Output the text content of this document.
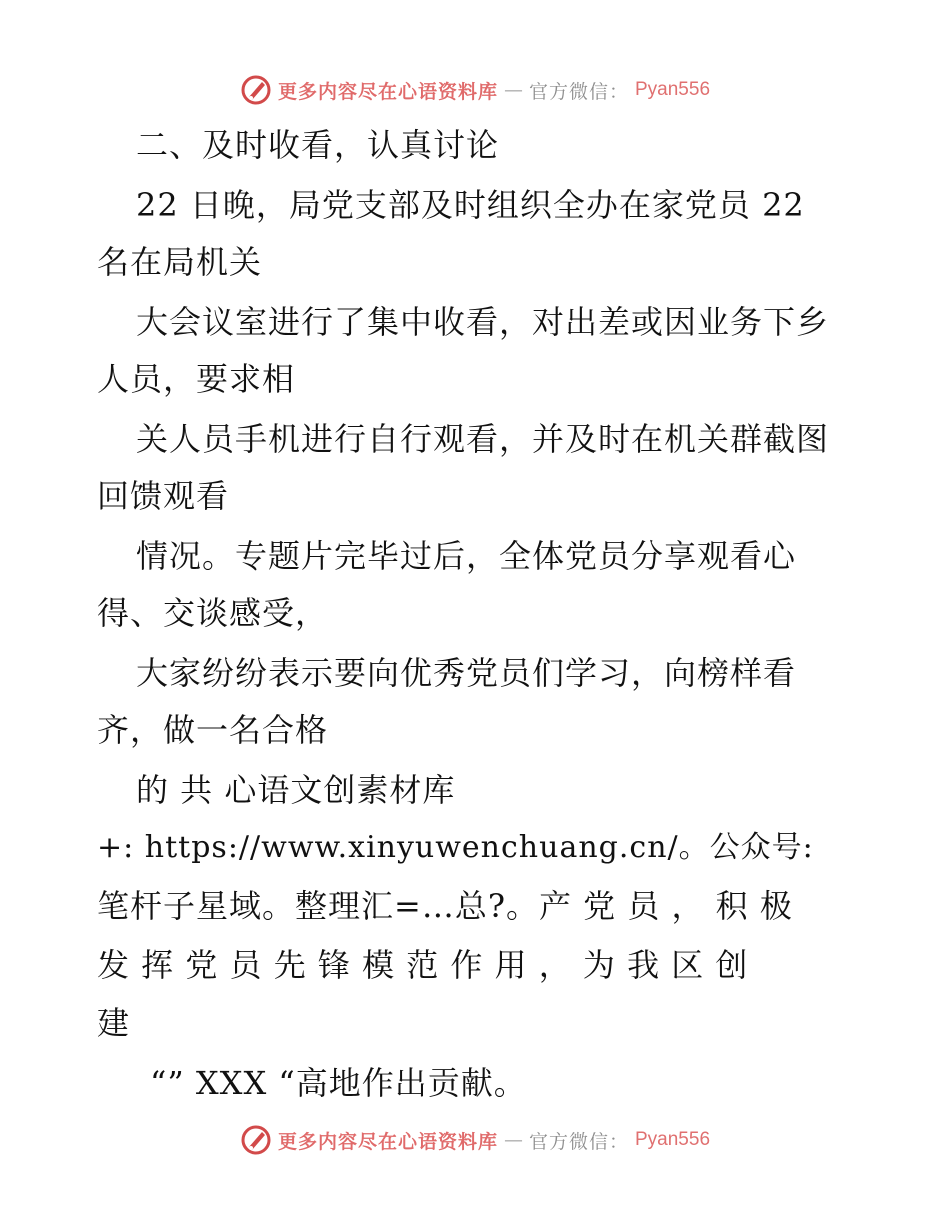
更多内容尽在心语资料库 — 官方微信： Pyan556
二、及时收看，认真讨论
22 日晚，局党支部及时组织全办在家党员 22
名在局机关
大会议室进行了集中收看，对出差或因业务下乡
人员，要求相
关人员手机进行自行观看，并及时在机关群截图
回馈观看
情况。专题片完毕过后，全体党员分享观看心
得、交谈感受，
大家纷纷表示要向优秀党员们学习，向榜样看
齐，做一名合格
的 共 心语文创素材库
+: https://www.xinyuwenchuang.cn/。公众号:
笔杆子星域。整理汇=…总?。产 党 员 ， 积 极
发 挥 党 员 先 锋 模 范 作 用 ， 为 我 区 创
建
“” XXX “高地作出贡献。
更多内容尽在心语资料库 — 官方微信： Pyan556
